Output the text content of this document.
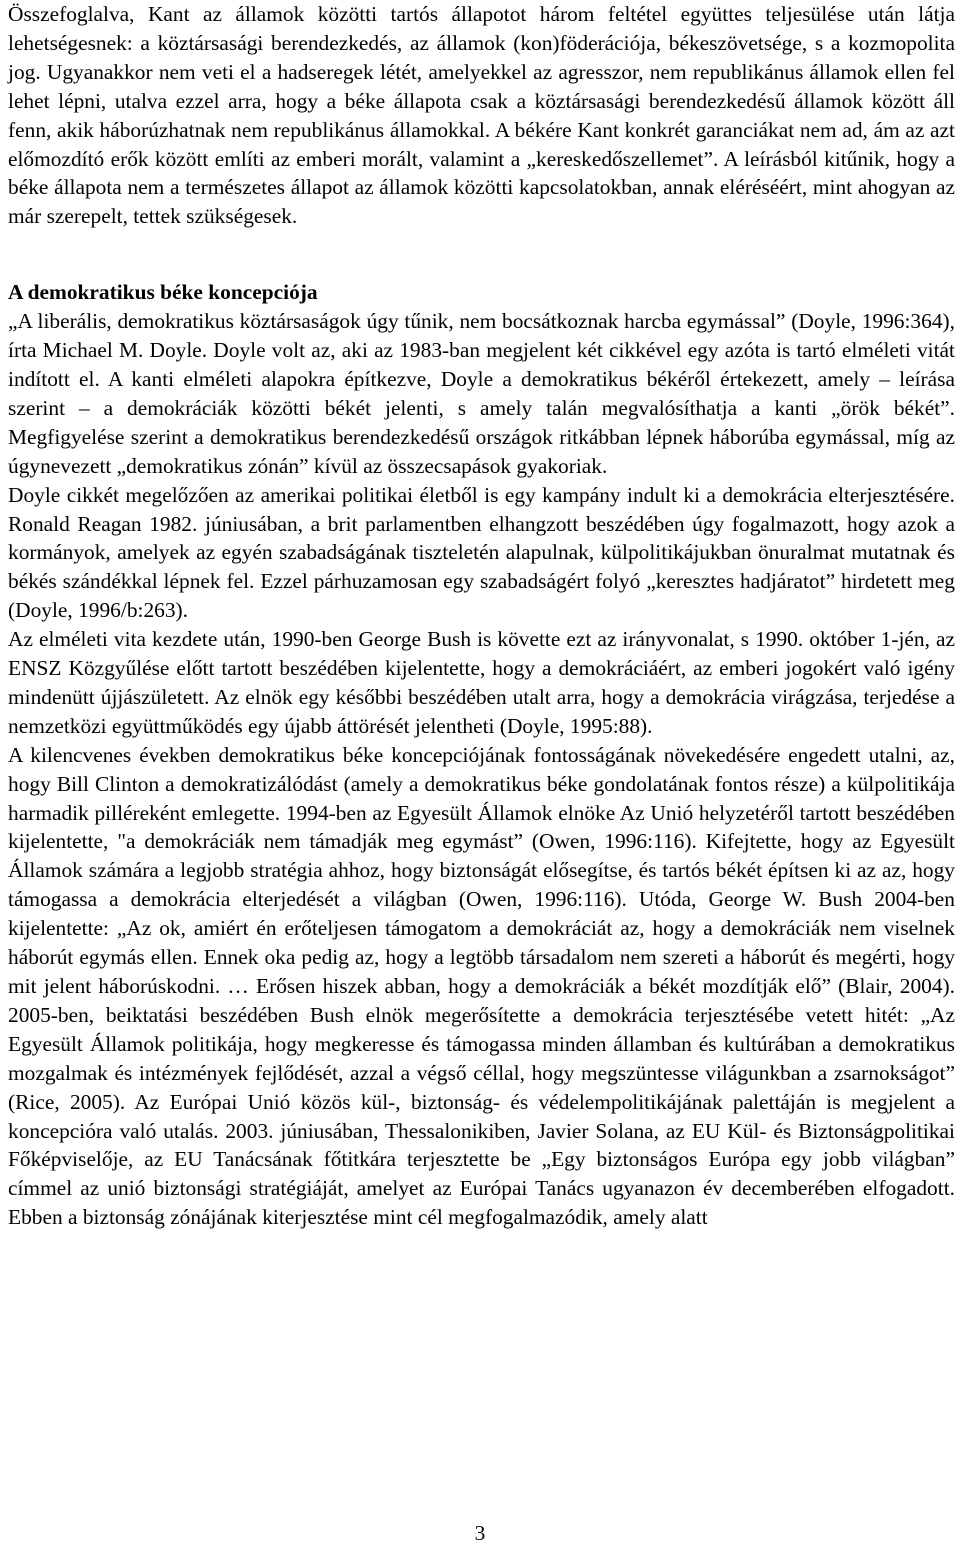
Összefoglalva, Kant az államok közötti tartós állapotot három feltétel együttes teljesülése után látja lehetségesnek: a köztársasági berendezkedés, az államok (kon)föderációja, békeszövetsége, s a kozmopolita jog. Ugyanakkor nem veti el a hadseregek létét, amelyekkel az agresszor, nem republikánus államok ellen fel lehet lépni, utalva ezzel arra, hogy a béke állapota csak a köztársasági berendezkedésű államok között áll fenn, akik háborúzhatnak nem republikánus államokkal. A békére Kant konkrét garanciákat nem ad, ám az azt előmozdító erők között említi az emberi morált, valamint a „kereskedőszellemet”. A leírásból kitűnik, hogy a béke állapota nem a természetes állapot az államok közötti kapcsolatokban, annak eléréséért, mint ahogyan az már szerepelt, tettek szükségesek.

A demokratikus béke koncepciója

„A liberális, demokratikus köztársaságok úgy tűnik, nem bocsátkoznak harcba egymással” (Doyle, 1996:364), írta Michael M. Doyle. Doyle volt az, aki az 1983-ban megjelent két cikkével egy azóta is tartó elméleti vitát indított el. A kanti elméleti alapokra építkezve, Doyle a demokratikus békéről értekezett, amely – leírása szerint – a demokráciák közötti békét jelenti, s amely talán megvalósíthatja a kanti „örök békét”. Megfigyelése szerint a demokratikus berendezkedésű országok ritkábban lépnek háborúba egymással, míg az úgynevezett „demokratikus zónán” kívül az összecsapások gyakoriak.

Doyle cikkét megelőzően az amerikai politikai életből is egy kampány indult ki a demokrácia elterjesztésére. Ronald Reagan 1982. júniusában, a brit parlamentben elhangzott beszédében úgy fogalmazott, hogy azok a kormányok, amelyek az egyén szabadságának tiszteletén alapulnak, külpolitikájukban önuralmat mutatnak és békés szándékkal lépnek fel. Ezzel párhuzamosan egy szabadságért folyó „keresztes hadjáratot” hirdetett meg (Doyle, 1996/b:263).

Az elméleti vita kezdete után, 1990-ben George Bush is követte ezt az irányvonalat, s 1990. október 1-jén, az ENSZ Közgyűlése előtt tartott beszédében kijelentette, hogy a demokráciáért, az emberi jogokért való igény mindenütt újjászületett. Az elnök egy későbbi beszédében utalt arra, hogy a demokrácia virágzása, terjedése a nemzetközi együttműködés egy újabb áttörését jelentheti (Doyle, 1995:88).

A kilencvenes években demokratikus béke koncepciójának fontosságának növekedésére engedett utalni, az, hogy Bill Clinton a demokratizálódást (amely a demokratikus béke gondolatának fontos része) a külpolitikája harmadik pilléreként emlegette. 1994-ben az Egyesült Államok elnöke Az Unió helyzetéről tartott beszédében kijelentette, "a demokráciák nem támadják meg egymást” (Owen, 1996:116). Kifejtette, hogy az Egyesült Államok számára a legjobb stratégia ahhoz, hogy biztonságát elősegítse, és tartós békét építsen ki az az, hogy támogassa a demokrácia elterjedését a világban (Owen, 1996:116). Utóda, George W. Bush 2004-ben kijelentette: „Az ok, amiért én erőteljesen támogatom a demokráciát az, hogy a demokráciák nem viselnek háborút egymás ellen. Ennek oka pedig az, hogy a legtöbb társadalom nem szereti a háborút és megérti, hogy mit jelent háborúskodni. … Erősen hiszek abban, hogy a demokráciák a békét mozdítják elő” (Blair, 2004). 2005-ben, beiktatási beszédében Bush elnök megerősítette a demokrácia terjesztésébe vetett hitét: „Az Egyesült Államok politikája, hogy megkeresse és támogassa minden államban és kultúrában a demokratikus mozgalmak és intézmények fejlődését, azzal a végső céllal, hogy megszüntesse világunkban a zsarnokságot” (Rice, 2005). Az Európai Unió közös kül-, biztonság- és védelempolitikájának palettáján is megjelent a koncepcióra való utalás. 2003. júniusában, Thessalonikiben, Javier Solana, az EU Kül- és Biztonságpolitikai Főképviselője, az EU Tanácsának főtitkára terjesztette be „Egy biztonságos Európa egy jobb világban” címmel az unió biztonsági stratégiáját, amelyet az Európai Tanács ugyanazon év decemberében elfogadott. Ebben a biztonság zónájának kiterjesztése mint cél megfogalmazódik, amely alatt

3
